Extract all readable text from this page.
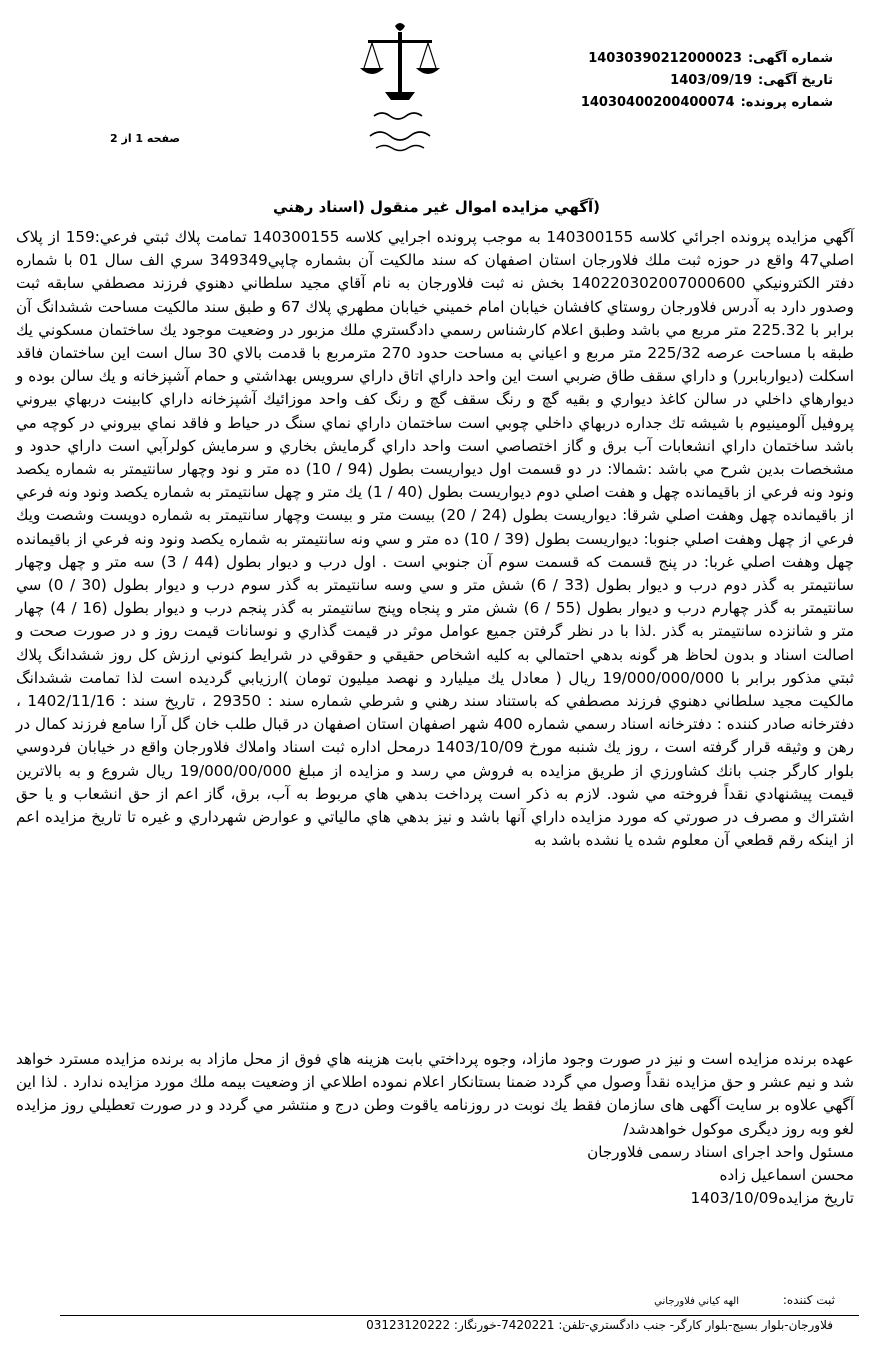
شماره آگهی:14030390212000023
تاریخ آگهی:1403/09/19
شماره پرونده:14030400200400074
صفحه 1 از 2
(آگهي مزايده اموال غير منقول (اسناد رهني
آگهي مزايده پرونده اجرائي کلاسه 140300155 به موجب پرونده اجرايي كلاسه 140300155 تمامت پلاك ثبتي فرعي:159 از پلاک اصلي47 واقع در حوزه ثبت ملك فلاورجان استان اصفهان كه سند مالكيت آن بشماره چاپي349349 سري الف سال 01 با شماره دفتر الكترونيكي 140220302007000600 بخش نه ثبت فلاورجان به نام آقاي مجيد سلطاني دهنوي فرزند مصطفي سابقه ثبت وصدور دارد به آدرس فلاورجان روستاي كافشان خيابان امام خميني خيابان مطهري پلاك 67 و طبق سند مالكيت مساحت ششدانگ آن برابر با 225.32 متر مربع مي باشد وطبق اعلام كارشناس رسمي دادگستري ملك مزبور در وضعيت موجود يك ساختمان مسكوني يك طبقه با مساحت عرصه 225/32 متر مربع و اعياني به مساحت حدود 270 مترمربع با قدمت بالاي 30 سال است اين ساختمان فاقد اسكلت (ديواربابرر) و داراي سقف طاق ضربي است اين واحد داراي اتاق داراي سرويس بهداشتي و حمام آشپزخانه و يك سالن بوده و ديوارهاي داخلي در سالن كاغذ ديواري و بقيه گچ و رنگ سقف گچ و رنگ كف واحد موزائيك آشپزخانه داراي كابينت دربهاي بيروني پروفيل آلومينيوم با شيشه تك جداره دربهاي داخلي چوبي است ساختمان داراي نماي سنگ در حياط و فاقد نماي بيروني در كوچه مي باشد ساختمان داراي انشعابات آب برق و گاز اختصاصي است واحد داراي گرمايش بخاري و سرمايش كولرآبي است داراي حدود و مشخصات بدين شرح مي باشد :شمالا: در دو قسمت اول ديواريست بطول (94 / 10) ده متر و نود وچهار سانتيمتر به شماره يكصد ونود ونه فرعي از باقيمانده چهل و هفت اصلي دوم ديواريست بطول (40 / 1) يك متر و چهل سانتيمتر به شماره يكصد ونود ونه فرعي از باقيمانده چهل وهفت اصلي شرقا: ديواريست بطول (24 / 20) بيست متر و بيست وچهار سانتيمتر به شماره دويست وشصت ويك فرعي از چهل وهفت اصلي جنوبا: ديواريست بطول (39 / 10) ده متر و سي ونه سانتيمتر به شماره يكصد ونود ونه فرعي از باقيمانده چهل وهفت اصلي غربا: در پنج قسمت كه قسمت سوم آن جنوبي است . اول درب و ديوار بطول (44 / 3) سه متر و چهل وچهار سانتيمتر به گذر دوم درب و ديوار بطول (33 / 6) شش متر و سي وسه سانتيمتر به گذر سوم درب و ديوار بطول (30 / 0) سي سانتيمتر به گذر چهارم درب و ديوار بطول (55 / 6) شش متر و پنجاه وپنج سانتيمتر به گذر پنجم درب و ديوار بطول (16 / 4) چهار متر و شانزده سانتيمتر به گذر .لذا با در نظر گرفتن جميع عوامل موثر در قيمت گذاري و نوسانات قيمت روز و در صورت صحت و اصالت اسناد و بدون لحاظ هر گونه بدهي احتمالي به كليه اشخاص حقيقي و حقوقي در شرايط كنوني ارزش كل روز ششدانگ پلاك ثبتي مذكور برابر با 19/000/000/000 ريال ( معادل يك ميليارد و نهصد ميليون تومان )ارزيابي گرديده است لذا تمامت ششدانگ مالكيت مجيد سلطاني دهنوي فرزند مصطفي كه باستناد سند رهني و شرطي شماره سند : 29350 ، تاريخ سند : 1402/11/16 ، دفترخانه صادر كننده : دفترخانه اسناد رسمي شماره 400 شهر اصفهان استان اصفهان در قبال طلب خان گل آرا سامع فرزند كمال در رهن و وثيقه قرار گرفته است ، روز يك شنبه مورخ 1403/10/09 درمحل اداره ثبت اسناد واملاك فلاورجان واقع در خيابان فردوسي بلوار كارگر جنب بانك كشاورزي از طريق مزايده به فروش مي رسد و مزايده از مبلغ 19/000/00/000 ريال شروع و به بالاترين قيمت پيشنهادي نقداً فروخته مي شود. لازم به ذكر است پرداخت بدهي هاي مربوط به آب، برق، گاز اعم از حق انشعاب و يا حق اشتراك و مصرف در صورتي كه مورد مزايده داراي آنها باشد و نيز بدهي هاي مالياتي و عوارض شهرداري و غيره تا تاريخ مزايده اعم از اينكه رقم قطعي آن معلوم شده يا نشده باشد به
عهده برنده مزايده است و نيز در صورت وجود مازاد، وجوه پرداختي بابت هزينه هاي فوق از محل مازاد به برنده مزايده مسترد خواهد شد و نيم عشر و حق مزايده نقداً وصول مي گردد ضمنا بستانكار اعلام نموده اطلاعي از وضعيت بيمه ملك مورد مزايده ندارد . لذا اين آگهي علاوه بر سايت آگهی های سازمان فقط يك نوبت در روزنامه ياقوت وطن درج و منتشر مي گردد و در صورت تعطيلي روز مزايده لغو وبه روز ديگری موكول خواهدشد/
مسئول واحد اجرای اسناد رسمی فلاورجان
محسن اسماعیل زاده
تاریخ مزایده1403/10/09
ثبت کننده: الهه کياني فلاورجاني
فلاورجان-بلوار بسيج-بلوار كارگر- جنب دادگستري-تلفن: 7420221-خورنگار: 03123120222
